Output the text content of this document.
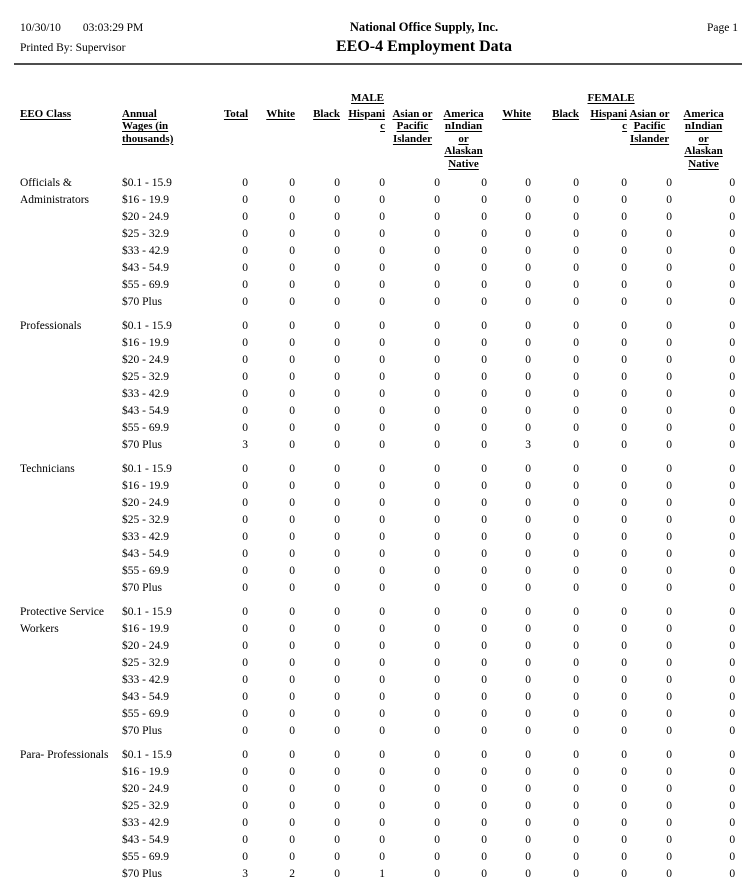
10/30/10 03:03:29 PM	National Office Supply, Inc.	Page 1
Printed By: Supervisor	EEO-4 Employment Data
			MALE					FEMALE				
EEO Class	Annual
Wages (in
thousands)	Total	White	Black	Hispani
c	Asian or
Pacific
Islander	America
nIndian
or
Alaskan
Native	White	Black	Hispani
c	Asian or
Pacific
Islander	America
nIndian
or
Alaskan
Native
Officials & Administrators	$0.1 - 15.9	0	0	0	0	0	0	0	0	0	0	0
	$16 - 19.9	0	0	0	0	0	0	0	0	0	0	0
	$20 - 24.9	0	0	0	0	0	0	0	0	0	0	0
	$25 - 32.9	0	0	0	0	0	0	0	0	0	0	0
	$33 - 42.9	0	0	0	0	0	0	0	0	0	0	0
	$43 - 54.9	0	0	0	0	0	0	0	0	0	0	0
	$55 - 69.9	0	0	0	0	0	0	0	0	0	0	0
	$70 Plus	0	0	0	0	0	0	0	0	0	0	0
Professionals	$0.1 - 15.9	0	0	0	0	0	0	0	0	0	0	0
	$16 - 19.9	0	0	0	0	0	0	0	0	0	0	0
	$20 - 24.9	0	0	0	0	0	0	0	0	0	0	0
	$25 - 32.9	0	0	0	0	0	0	0	0	0	0	0
	$33 - 42.9	0	0	0	0	0	0	0	0	0	0	0
	$43 - 54.9	0	0	0	0	0	0	0	0	0	0	0
	$55 - 69.9	0	0	0	0	0	0	0	0	0	0	0
	$70 Plus	3	0	0	0	0	0	3	0	0	0	0
Technicians	$0.1 - 15.9	0	0	0	0	0	0	0	0	0	0	0
	$16 - 19.9	0	0	0	0	0	0	0	0	0	0	0
	$20 - 24.9	0	0	0	0	0	0	0	0	0	0	0
	$25 - 32.9	0	0	0	0	0	0	0	0	0	0	0
	$33 - 42.9	0	0	0	0	0	0	0	0	0	0	0
	$43 - 54.9	0	0	0	0	0	0	0	0	0	0	0
	$55 - 69.9	0	0	0	0	0	0	0	0	0	0	0
	$70 Plus	0	0	0	0	0	0	0	0	0	0	0
Protective Service Workers	$0.1 - 15.9	0	0	0	0	0	0	0	0	0	0	0
	$16 - 19.9	0	0	0	0	0	0	0	0	0	0	0
	$20 - 24.9	0	0	0	0	0	0	0	0	0	0	0
	$25 - 32.9	0	0	0	0	0	0	0	0	0	0	0
	$33 - 42.9	0	0	0	0	0	0	0	0	0	0	0
	$43 - 54.9	0	0	0	0	0	0	0	0	0	0	0
	$55 - 69.9	0	0	0	0	0	0	0	0	0	0	0
	$70 Plus	0	0	0	0	0	0	0	0	0	0	0
Para- Professionals	$0.1 - 15.9	0	0	0	0	0	0	0	0	0	0	0
	$16 - 19.9	0	0	0	0	0	0	0	0	0	0	0
	$20 - 24.9	0	0	0	0	0	0	0	0	0	0	0
	$25 - 32.9	0	0	0	0	0	0	0	0	0	0	0
	$33 - 42.9	0	0	0	0	0	0	0	0	0	0	0
	$43 - 54.9	0	0	0	0	0	0	0	0	0	0	0
	$55 - 69.9	0	0	0	0	0	0	0	0	0	0	0
	$70 Plus	3	2	0	1	0	0	0	0	0	0	0
